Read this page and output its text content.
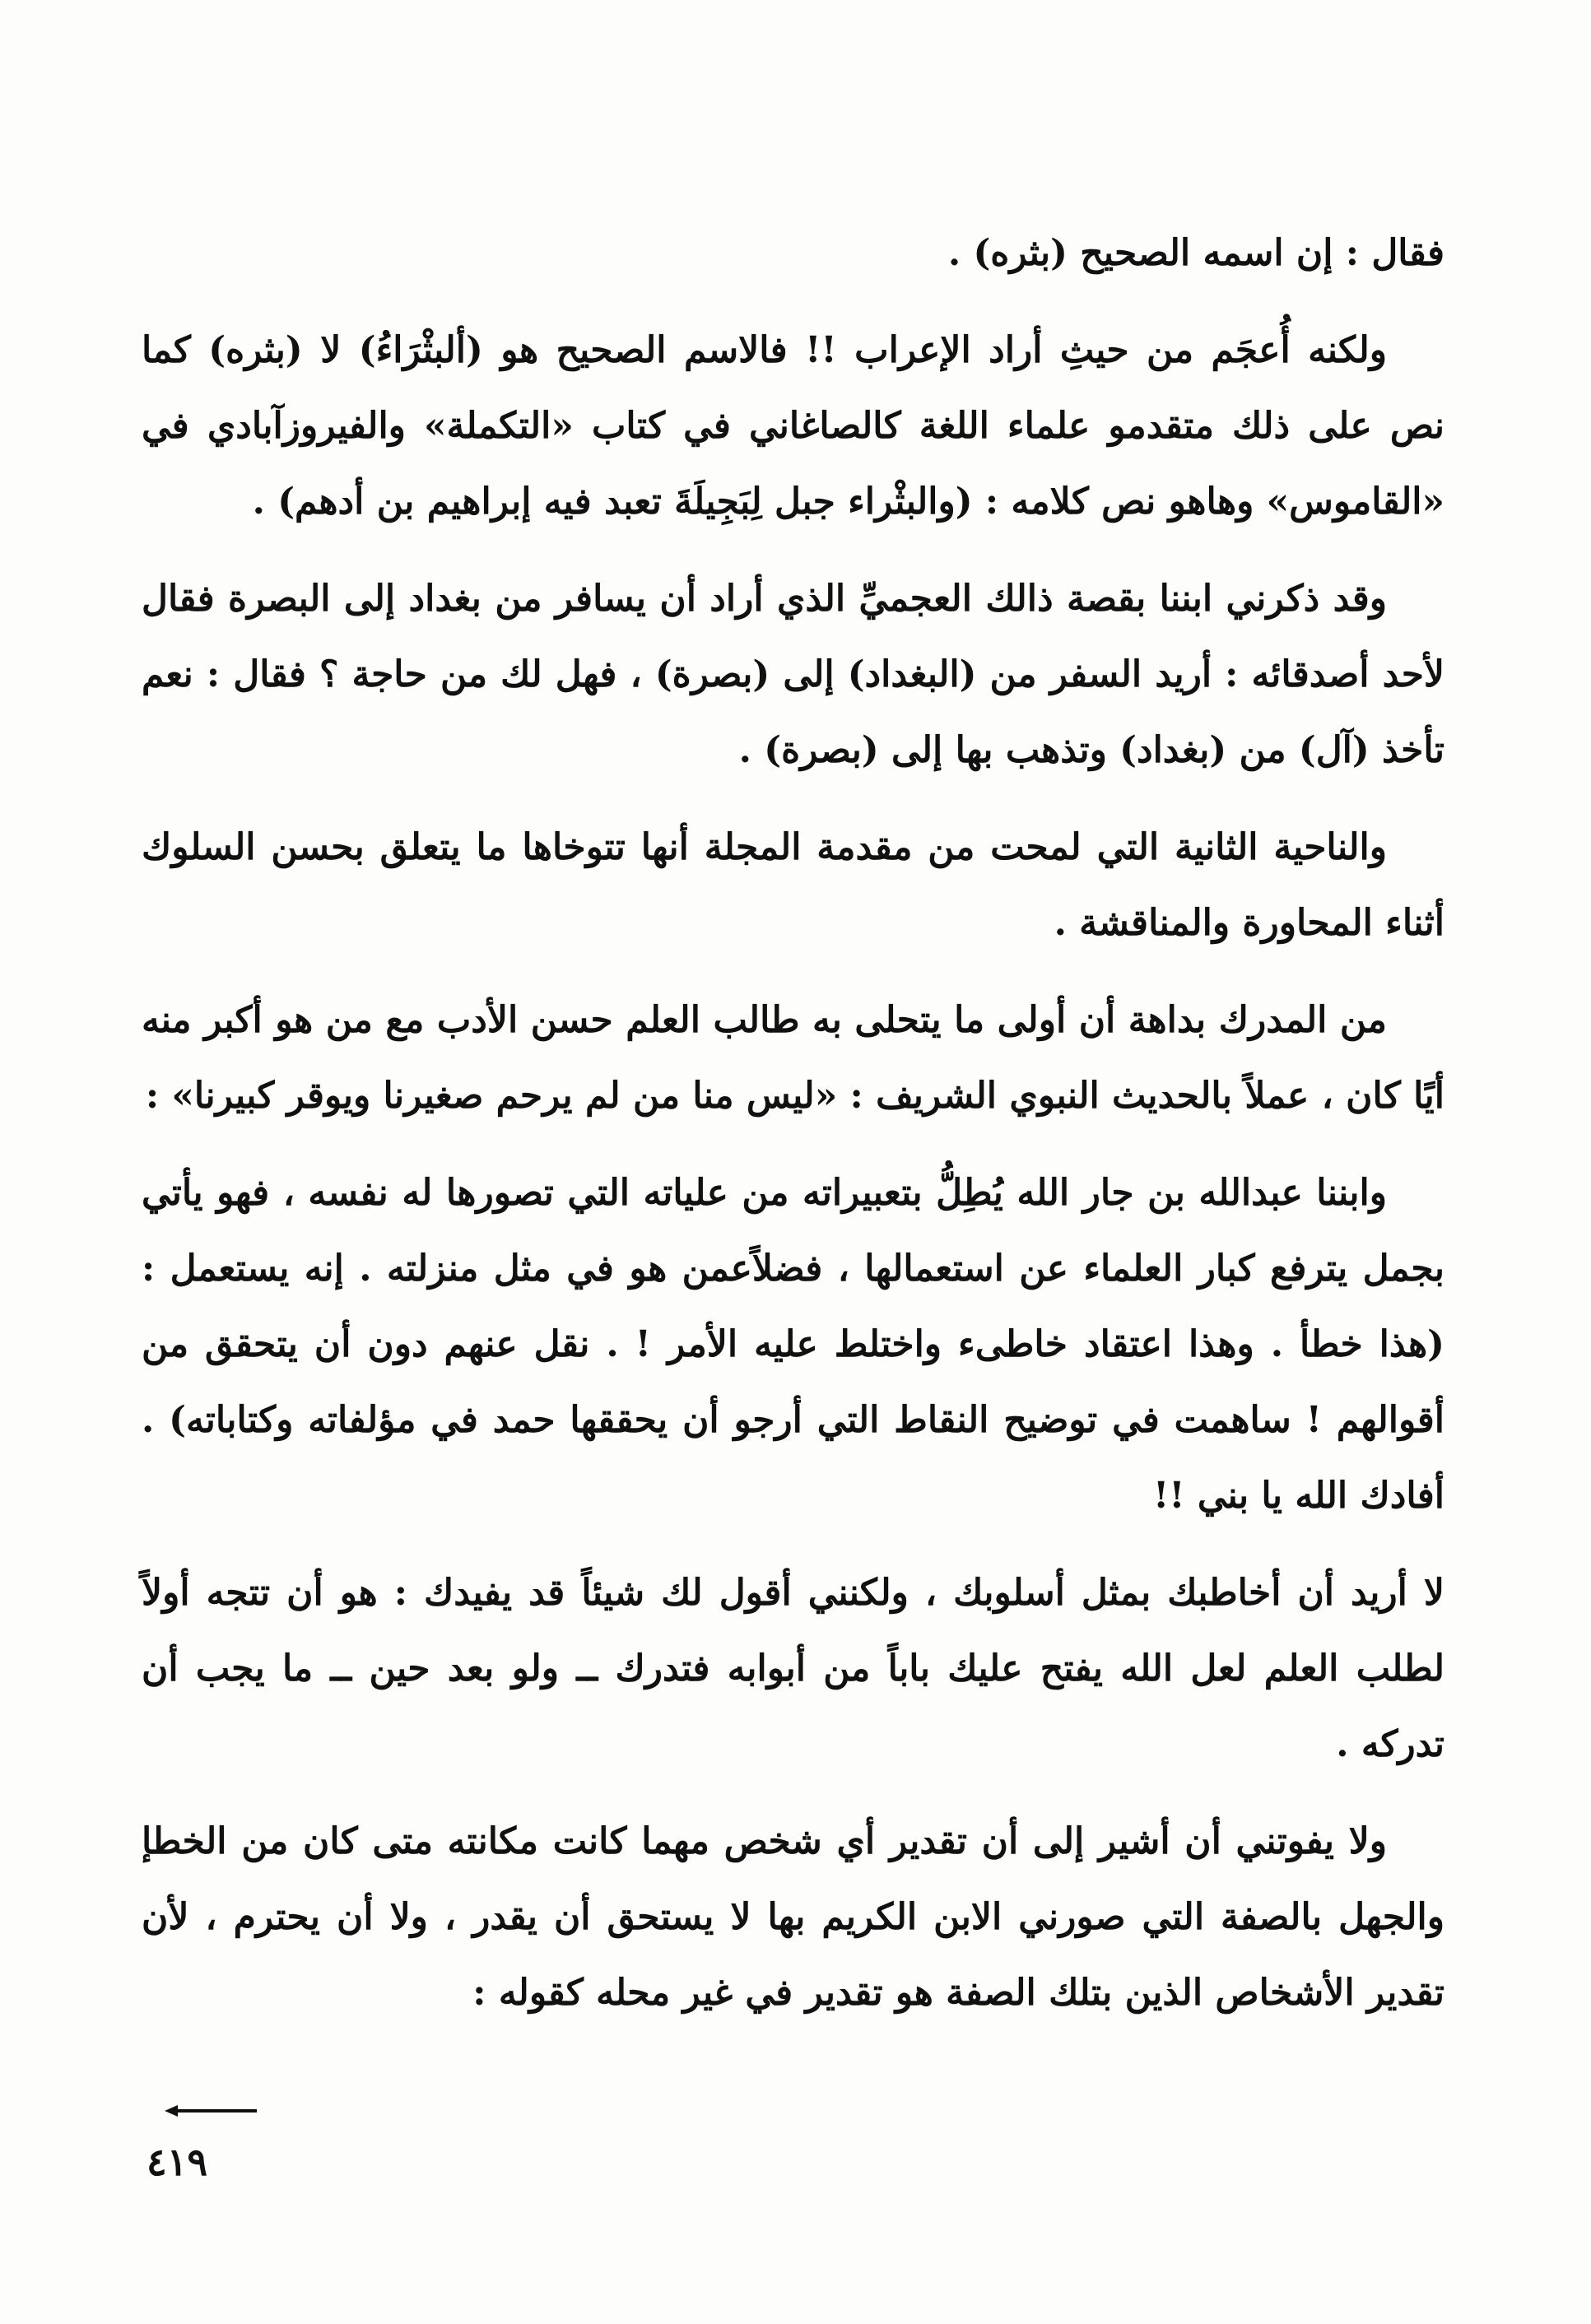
فقال : إن اسمه الصحيح (بثره) .

ولكنه أُعجَم من حيثِ أراد الإعراب !! فالاسم الصحيح هو (ألبثْرَاءُ) لا (بثره) كما نص على ذلك متقدمو علماء اللغة كالصاغاني في كتاب «التكملة» والفيروزآبادي في «القاموس» وهاهو نص كلامه : (والبثْراء جبل لِبَجِيلَةَ تعبد فيه إبراهيم بن أدهم) .

وقد ذكرني ابننا بقصة ذالك العجميِّ الذي أراد أن يسافر من بغداد إلى البصرة فقال لأحد أصدقائه : أريد السفر من (البغداد) إلى (بصرة) ، فهل لك من حاجة ؟ فقال : نعم تأخذ (آل) من (بغداد) وتذهب بها إلى (بصرة) .

والناحية الثانية التي لمحت من مقدمة المجلة أنها تتوخاها ما يتعلق بحسن السلوك أثناء المحاورة والمناقشة .

من المدرك بداهة أن أولى ما يتحلى به طالب العلم حسن الأدب مع من هو أكبر منه أيًا كان ، عملاً بالحديث النبوي الشريف : «ليس منا من لم يرحم صغيرنا ويوقر كبيرنا» :

وابننا عبدالله بن جار الله يُطِلُّ بتعبيراته من علياته التي تصورها له نفسه ، فهو يأتي بجمل يترفع كبار العلماء عن استعمالها ، فضلاًعمن هو في مثل منزلته . إنه يستعمل : (هذا خطأ . وهذا اعتقاد خاطىء واختلط عليه الأمر ! . نقل عنهم دون أن يتحقق من أقوالهم ! ساهمت في توضيح النقاط التي أرجو أن يحققها حمد في مؤلفاته وكتاباته) . أفادك الله يا بني !!

لا أريد أن أخاطبك بمثل أسلوبك ، ولكنني أقول لك شيئاً قد يفيدك : هو أن تتجه أولاً لطلب العلم لعل الله يفتح عليك باباً من أبوابه فتدرك ــ ولو بعد حين ــ ما يجب أن تدركه .

ولا يفوتني أن أشير إلى أن تقدير أي شخص مهما كانت مكانته متى كان من الخطإ والجهل بالصفة التي صورني الابن الكريم بها لا يستحق أن يقدر ، ولا أن يحترم ، لأن تقدير الأشخاص الذين بتلك الصفة هو تقدير في غير محله كقوله :

٤١٩
